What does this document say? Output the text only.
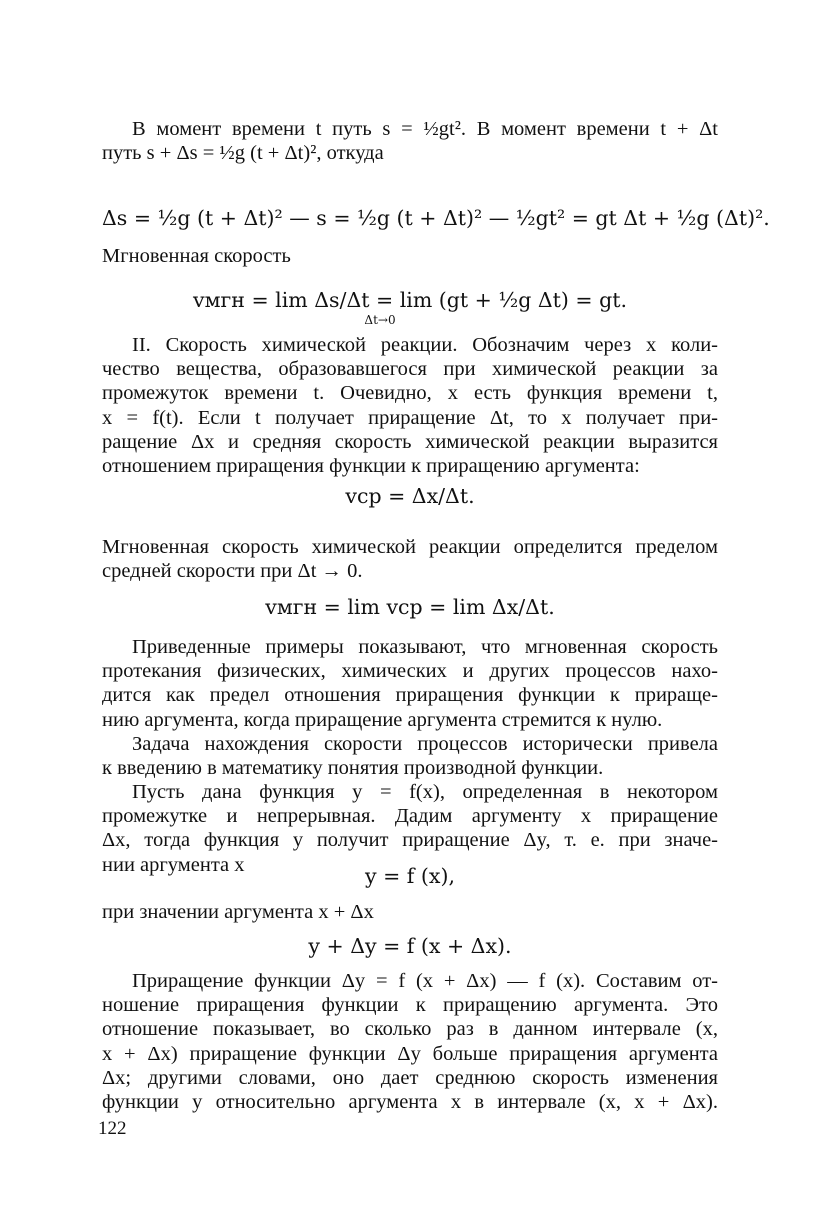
В момент времени t путь s = ½gt². В момент времени t + Δt
путь s + Δs = ½g (t + Δt)², откуда
Δs = ½g (t + Δt)² — s = ½g (t + Δt)² — ½gt² = gt Δt + ½g (Δt)².
Мгновенная скорость
vмгн = lim Δs/Δt = lim (gt + ½g Δt) = gt.
Δt→0
II. Скорость химической реакции. Обозначим через x коли-
чество вещества, образовавшегося при химической реакции за
промежуток времени t. Очевидно, x есть функция времени t,
x = f(t). Если t получает приращение Δt, то x получает при-
ращение Δx и средняя скорость химической реакции выразится
отношением приращения функции к приращению аргумента:
vср = Δx/Δt.
Мгновенная скорость химической реакции определится пределом
средней скорости при Δt → 0.
vмгн = lim vср = lim Δx/Δt.
Приведенные примеры показывают, что мгновенная скорость
протекания физических, химических и других процессов нахо-
дится как предел отношения приращения функции к прираще-
нию аргумента, когда приращение аргумента стремится к нулю.
Задача нахождения скорости процессов исторически привела
к введению в математику понятия производной функции.
Пусть дана функция y = f(x), определенная в некотором
промежутке и непрерывная. Дадим аргументу x приращение
Δx, тогда функция y получит приращение Δy, т. е. при значе-
нии аргумента x	y = f (x),
при значении аргумента x + Δx
y + Δy = f (x + Δx).
Приращение функции Δy = f (x + Δx) — f (x). Составим от-
ношение приращения функции к приращению аргумента. Это
отношение показывает, во сколько раз в данном интервале (x,
x + Δx) приращение функции Δy больше приращения аргумента
Δx; другими словами, оно дает среднюю скорость изменения
функции y относительно аргумента x в интервале (x, x + Δx).
122
